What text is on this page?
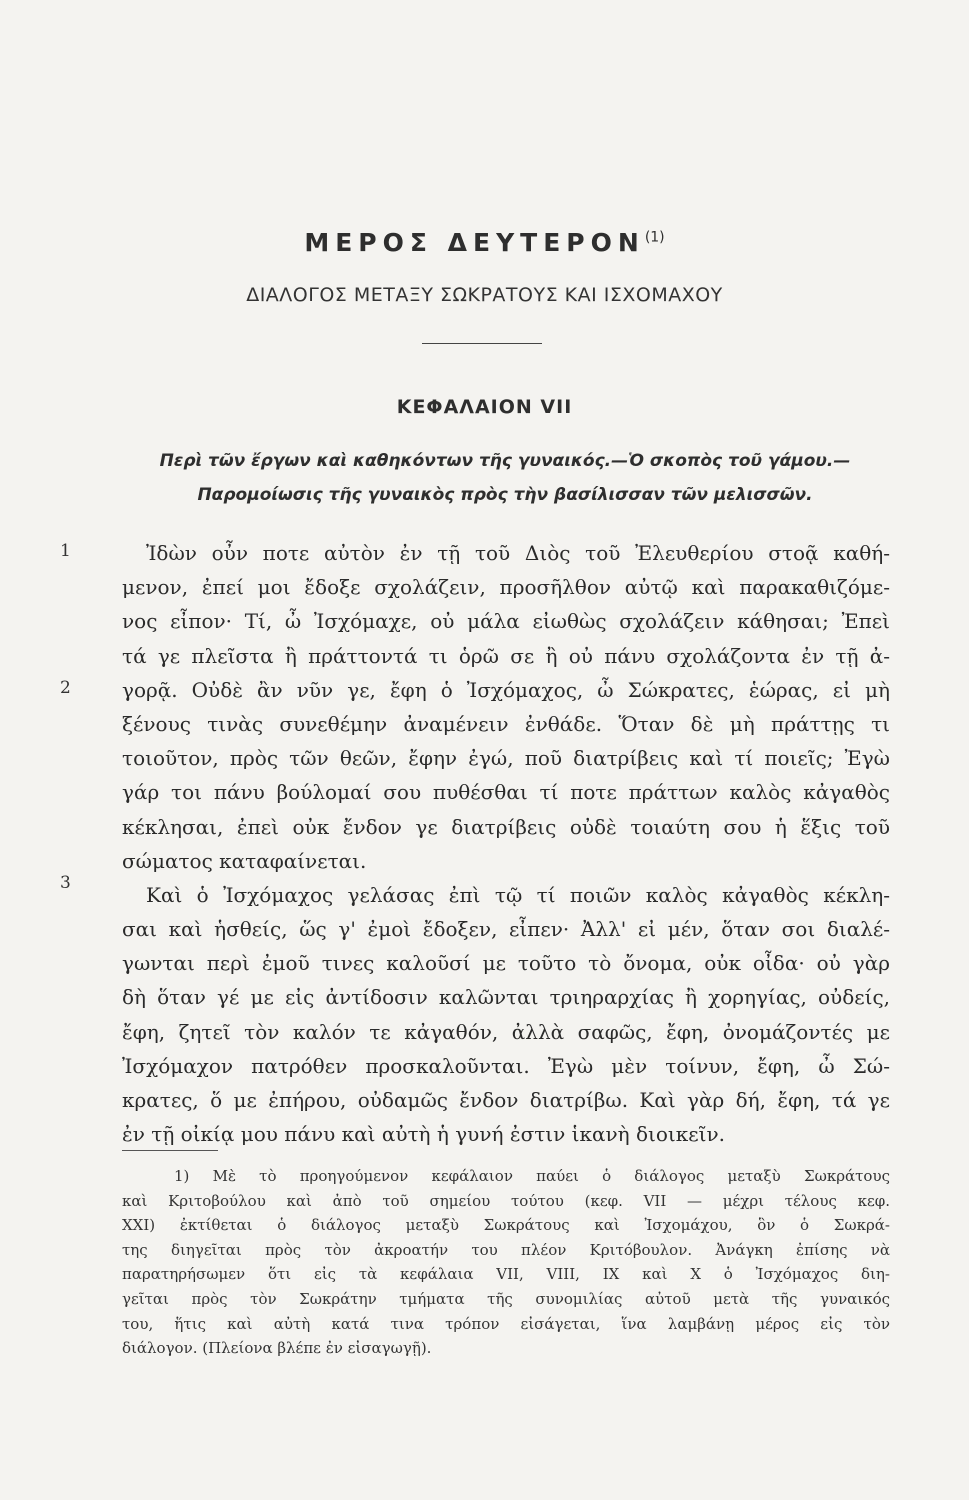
ΜΕΡΟΣ ΔΕΥΤΕΡΟΝ$^{(1)}$
ΔΙΑΛΟΓΟΣ ΜΕΤΑΞΥ ΣΩΚΡΑΤΟΥΣ ΚΑΙ ΙΣΧΟΜΑΧΟΥ
ΚΕΦΑΛΑΙΟΝ VII
Περὶ τῶν ἔργων καὶ καθηκόντων τῆς γυναικός.—Ὁ σκοπὸς τοῦ γάμου.—
Παρομοίωσις τῆς γυναικὸς πρὸς τὴν βασίλισσαν τῶν μελισσῶν.
1
2
3
Ἰδὼν οὖν ποτε αὐτὸν ἐν τῇ τοῦ Διὸς τοῦ Ἐλευθερίου στοᾷ καθή-
μενον, ἐπεί μοι ἔδοξε σχολάζειν, προσῆλθον αὐτῷ καὶ παρακαθιζόμε-
νος εἶπον· Τί, ὦ Ἰσχόμαχε, οὐ μάλα εἰωθὼς σχολάζειν κάθησαι; Ἐπεὶ
τά γε πλεῖστα ἢ πράττοντά τι ὁρῶ σε ἢ οὐ πάνυ σχολάζοντα ἐν τῇ ἀ-
γορᾷ. Οὐδὲ ἂν νῦν γε, ἔφη ὁ Ἰσχόμαχος, ὦ Σώκρατες, ἑώρας, εἰ μὴ
ξένους τινὰς συνεθέμην ἀναμένειν ἐνθάδε. Ὅταν δὲ μὴ πράττῃς τι
τοιοῦτον, πρὸς τῶν θεῶν, ἔφην ἐγώ, ποῦ διατρίβεις καὶ τί ποιεῖς; Ἐγὼ
γάρ τοι πάνυ βούλομαί σου πυθέσθαι τί ποτε πράττων καλὸς κἀγαθὸς
κέκλησαι, ἐπεὶ οὐκ ἔνδον γε διατρίβεις οὐδὲ τοιαύτη σου ἡ ἕξις τοῦ
σώματος καταφαίνεται.
Καὶ ὁ Ἰσχόμαχος γελάσας ἐπὶ τῷ τί ποιῶν καλὸς κἀγαθὸς κέκλη-
σαι καὶ ἡσθείς, ὥς γ' ἐμοὶ ἔδοξεν, εἶπεν· Ἀλλ' εἰ μέν, ὅταν σοι διαλέ-
γωνται περὶ ἐμοῦ τινες καλοῦσί με τοῦτο τὸ ὄνομα, οὐκ οἶδα· οὐ γὰρ
δὴ ὅταν γέ με εἰς ἀντίδοσιν καλῶνται τριηραρχίας ἢ χορηγίας, οὐδείς,
ἔφη, ζητεῖ τὸν καλόν τε κἀγαθόν, ἀλλὰ σαφῶς, ἔφη, ὀνομάζοντές με
Ἰσχόμαχον πατρόθεν προσκαλοῦνται. Ἐγὼ μὲν τοίνυν, ἔφη, ὦ Σώ-
κρατες, ὅ με ἐπήρου, οὐδαμῶς ἔνδον διατρίβω. Καὶ γὰρ δή, ἔφη, τά γε
ἐν τῇ οἰκίᾳ μου πάνυ καὶ αὐτὴ ἡ γυνή ἐστιν ἱκανὴ διοικεῖν.
1) Μὲ τὸ προηγούμενον κεφάλαιον παύει ὁ διάλογος μεταξὺ Σωκράτους
καὶ Κριτοβούλου καὶ ἀπὸ τοῦ σημείου τούτου (κεφ. VII — μέχρι τέλους κεφ.
XXI) ἐκτίθεται ὁ διάλογος μεταξὺ Σωκράτους καὶ Ἰσχομάχου, ὃν ὁ Σωκρά-
της διηγεῖται πρὸς τὸν ἀκροατήν του πλέον Κριτόβουλον. Ἀνάγκη ἐπίσης νὰ
παρατηρήσωμεν ὅτι εἰς τὰ κεφάλαια VII, VIII, IX καὶ X ὁ Ἰσχόμαχος διη-
γεῖται πρὸς τὸν Σωκράτην τμήματα τῆς συνομιλίας αὐτοῦ μετὰ τῆς γυναικός
του, ἥτις καὶ αὐτὴ κατά τινα τρόπον εἰσάγεται, ἵνα λαμβάνῃ μέρος εἰς τὸν
διάλογον. (Πλείονα βλέπε ἐν εἰσαγωγῇ).
